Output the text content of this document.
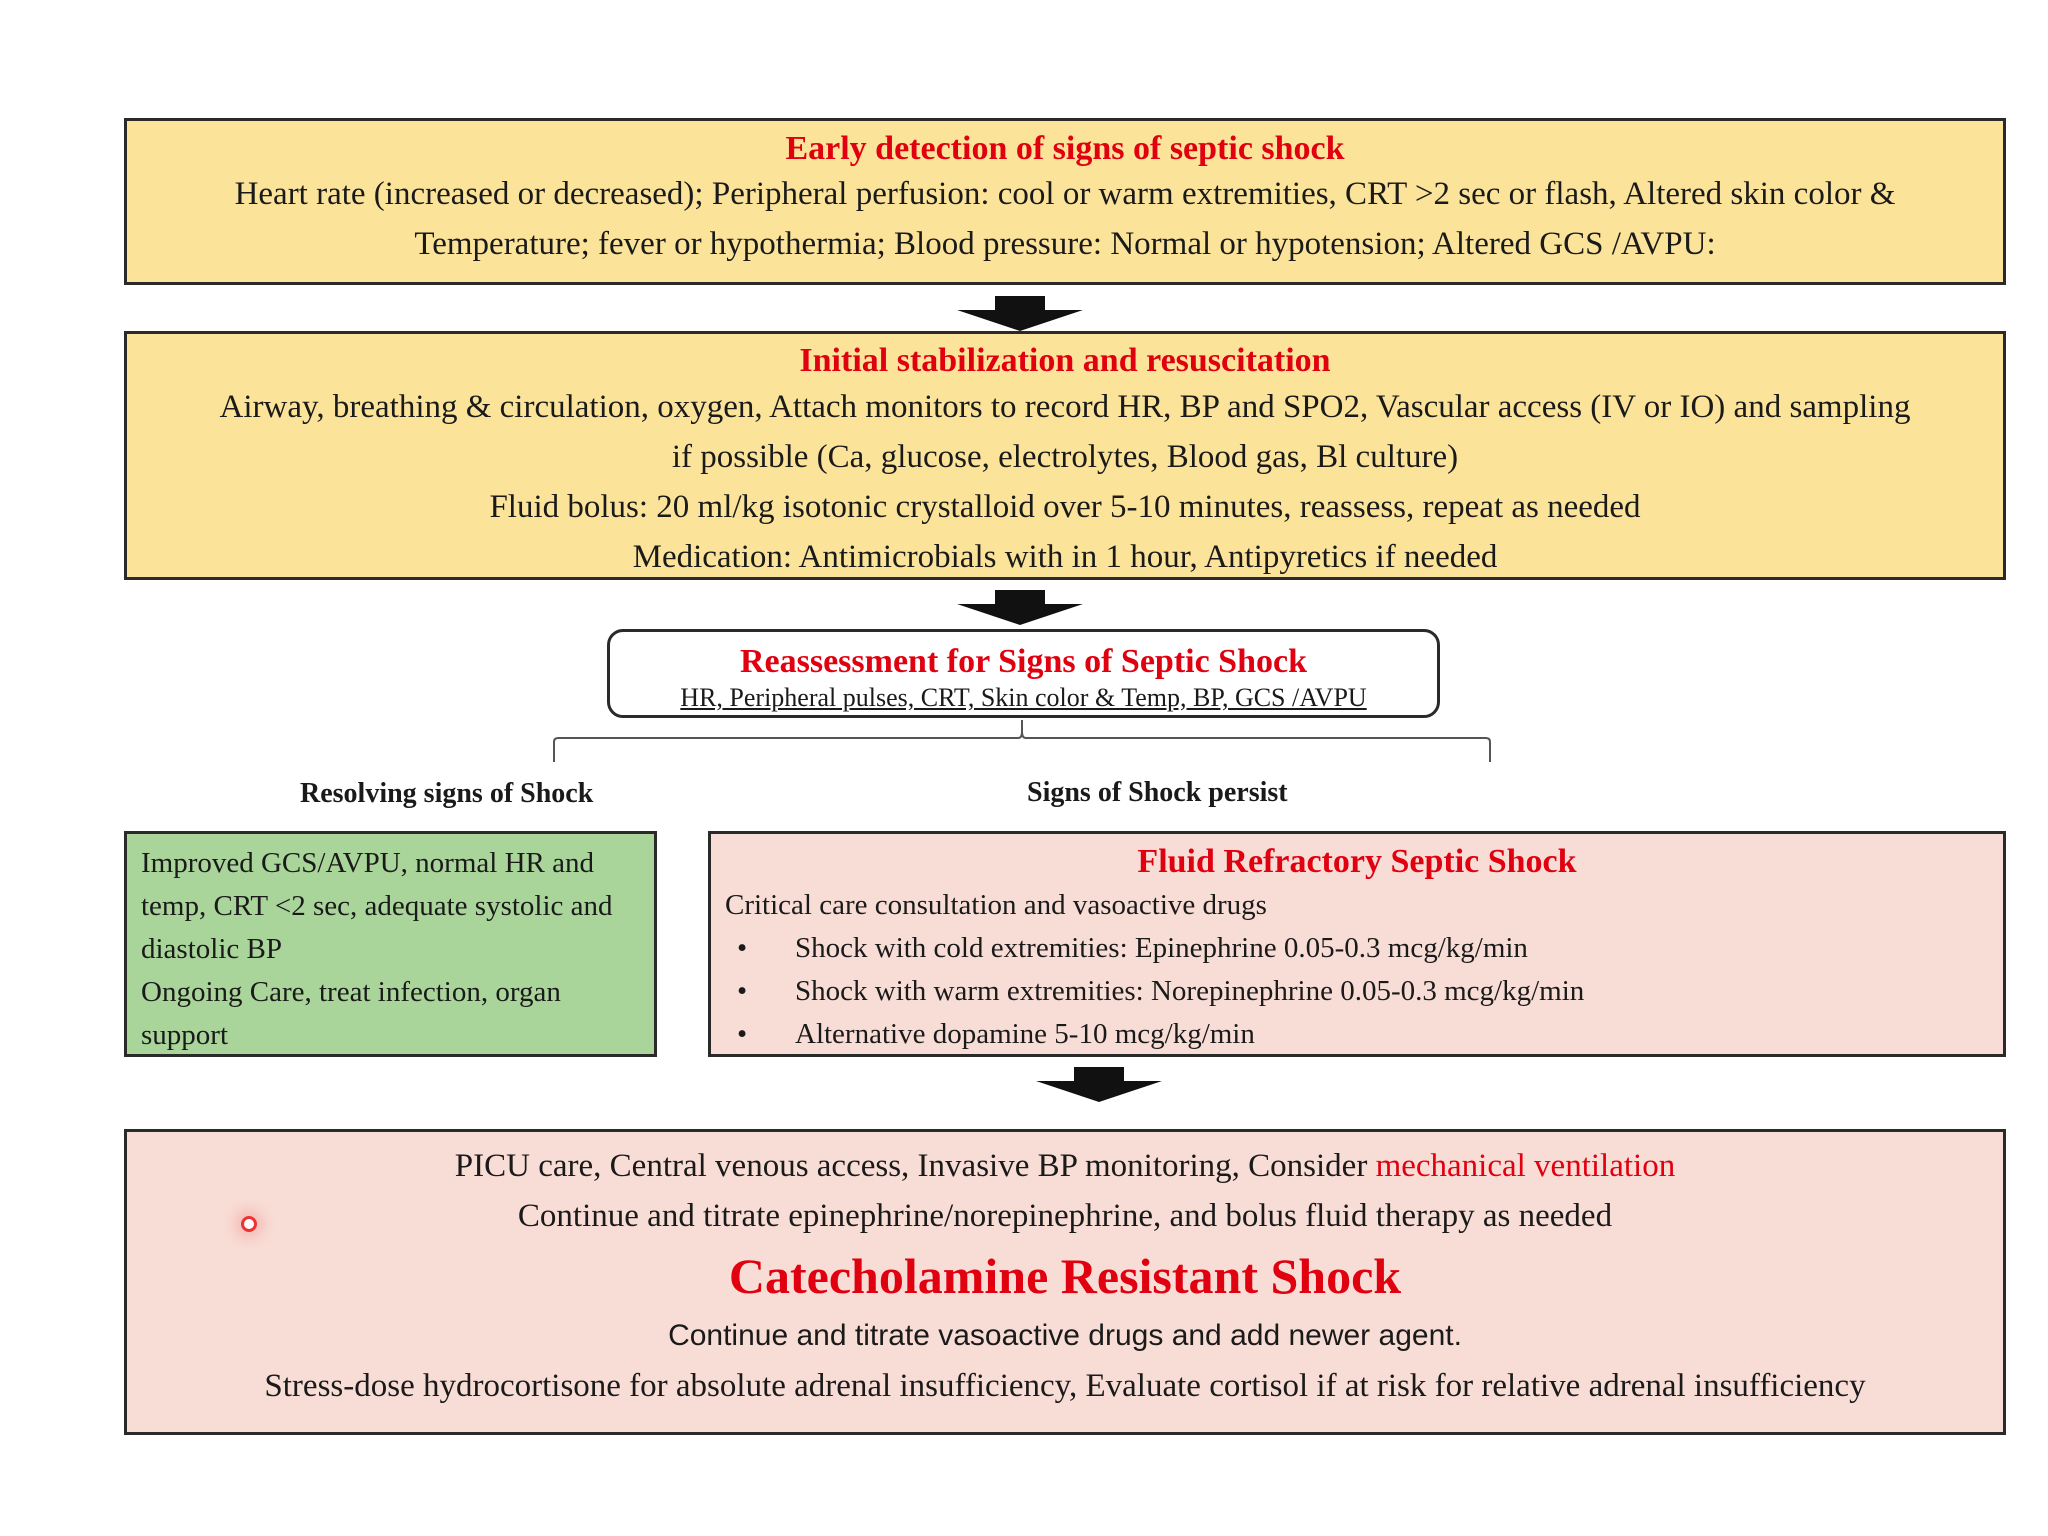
Early detection of signs of septic shock
Heart rate (increased or decreased); Peripheral perfusion: cool or warm extremities, CRT >2 sec or flash, Altered skin color &
Temperature; fever or hypothermia; Blood pressure: Normal or hypotension; Altered GCS /AVPU:
Initial stabilization and resuscitation
Airway, breathing & circulation, oxygen, Attach monitors to record HR, BP and SPO2, Vascular access (IV or IO) and sampling
if possible (Ca, glucose, electrolytes, Blood gas, Bl culture)
Fluid bolus: 20 ml/kg isotonic crystalloid over 5-10 minutes, reassess, repeat as needed
Medication: Antimicrobials with in 1 hour, Antipyretics if needed
Reassessment for Signs of Septic Shock
HR, Peripheral pulses, CRT, Skin color & Temp, BP, GCS /AVPU
Resolving signs of Shock	Signs of Shock persist
Improved GCS/AVPU, normal HR and
temp, CRT <2 sec, adequate systolic and
diastolic BP
Ongoing Care, treat infection, organ
support
Fluid Refractory Septic Shock
Critical care consultation and vasoactive drugs
• Shock with cold extremities: Epinephrine 0.05-0.3 mcg/kg/min
• Shock with warm extremities: Norepinephrine 0.05-0.3 mcg/kg/min
• Alternative dopamine 5-10 mcg/kg/min
PICU care, Central venous access, Invasive BP monitoring, Consider mechanical ventilation
Continue and titrate epinephrine/norepinephrine, and bolus fluid therapy as needed
Catecholamine Resistant Shock
Continue and titrate vasoactive drugs and add newer agent.
Stress-dose hydrocortisone for absolute adrenal insufficiency, Evaluate cortisol if at risk for relative adrenal insufficiency
